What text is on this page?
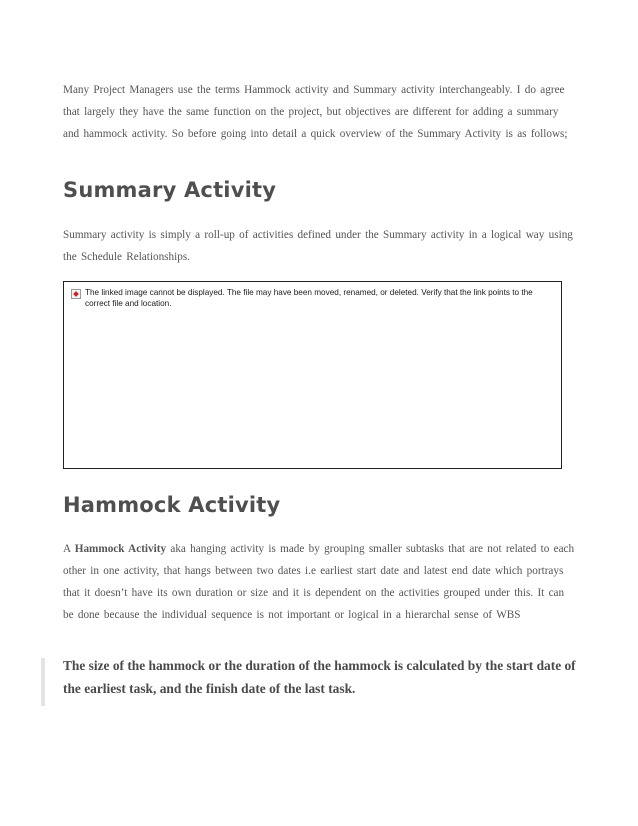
Many Project Managers use the terms Hammock activity and Summary activity interchangeably. I do agree that largely they have the same function on the project, but objectives are different for adding a summary and hammock activity. So before going into detail a quick overview of the Summary Activity is as follows;

Summary Activity

Summary activity is simply a roll-up of activities defined under the Summary activity in a logical way using the Schedule Relationships.

The linked image cannot be displayed. The file may have been moved, renamed, or deleted. Verify that the link points to the correct file and location.
Hammock Activity

A Hammock Activity aka hanging activity is made by grouping smaller subtasks that are not related to each other in one activity, that hangs between two dates i.e earliest start date and latest end date which portrays that it doesn’t have its own duration or size and it is dependent on the activities grouped under this. It can be done because the individual sequence is not important or logical in a hierarchal sense of WBS

The size of the hammock or the duration of the hammock is calculated by the start date of the earliest task, and the finish date of the last task.
